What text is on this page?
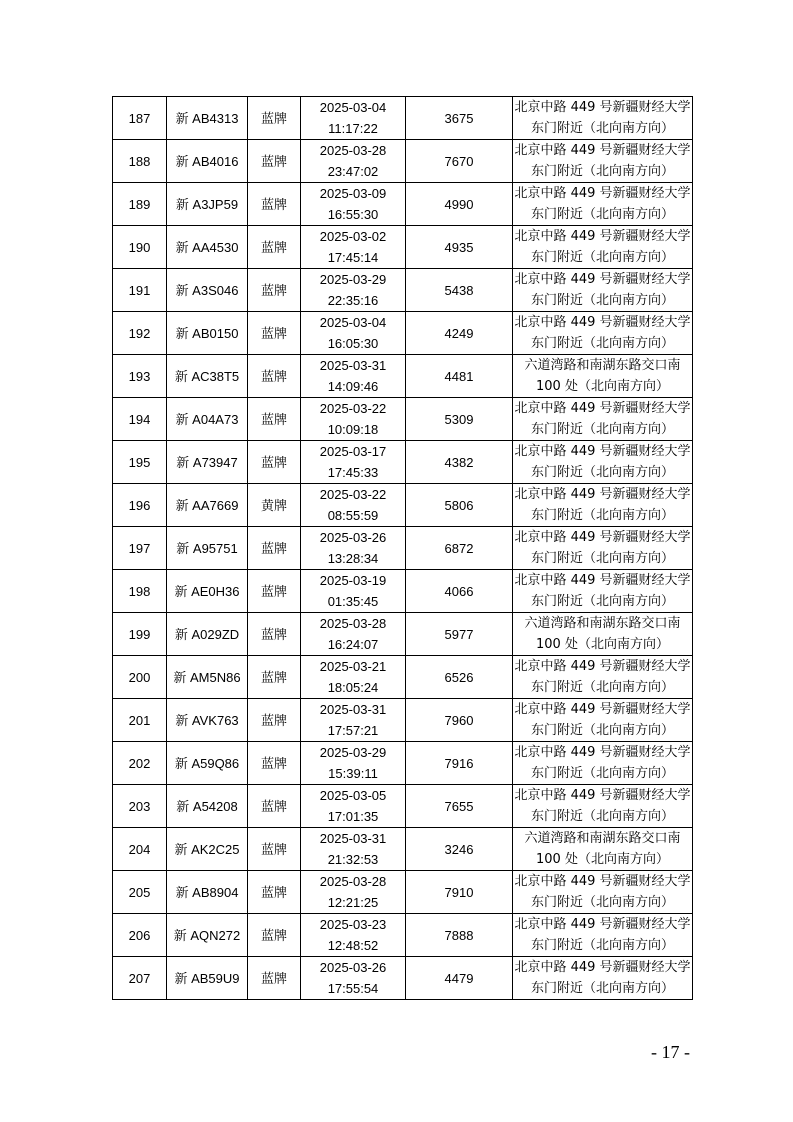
187	新 AB4313	蓝牌	2025-03-04
11:17:22	3675	北京中路 449 号新疆财经大学
东门附近（北向南方向）

188	新 AB4016	蓝牌	2025-03-28
23:47:02	7670	北京中路 449 号新疆财经大学
东门附近（北向南方向）

189	新 A3JP59	蓝牌	2025-03-09
16:55:30	4990	北京中路 449 号新疆财经大学
东门附近（北向南方向）

190	新 AA4530	蓝牌	2025-03-02
17:45:14	4935	北京中路 449 号新疆财经大学
东门附近（北向南方向）

191	新 A3S046	蓝牌	2025-03-29
22:35:16	5438	北京中路 449 号新疆财经大学
东门附近（北向南方向）

192	新 AB0150	蓝牌	2025-03-04
16:05:30	4249	北京中路 449 号新疆财经大学
东门附近（北向南方向）

193	新 AC38T5	蓝牌	2025-03-31
14:09:46	4481	六道湾路和南湖东路交口南
100 处（北向南方向）

194	新 A04A73	蓝牌	2025-03-22
10:09:18	5309	北京中路 449 号新疆财经大学
东门附近（北向南方向）

195	新 A73947	蓝牌	2025-03-17
17:45:33	4382	北京中路 449 号新疆财经大学
东门附近（北向南方向）

196	新 AA7669	黄牌	2025-03-22
08:55:59	5806	北京中路 449 号新疆财经大学
东门附近（北向南方向）

197	新 A95751	蓝牌	2025-03-26
13:28:34	6872	北京中路 449 号新疆财经大学
东门附近（北向南方向）

198	新 AE0H36	蓝牌	2025-03-19
01:35:45	4066	北京中路 449 号新疆财经大学
东门附近（北向南方向）

199	新 A029ZD	蓝牌	2025-03-28
16:24:07	5977	六道湾路和南湖东路交口南
100 处（北向南方向）

200	新 AM5N86	蓝牌	2025-03-21
18:05:24	6526	北京中路 449 号新疆财经大学
东门附近（北向南方向）

201	新 AVK763	蓝牌	2025-03-31
17:57:21	7960	北京中路 449 号新疆财经大学
东门附近（北向南方向）

202	新 A59Q86	蓝牌	2025-03-29
15:39:11	7916	北京中路 449 号新疆财经大学
东门附近（北向南方向）

203	新 A54208	蓝牌	2025-03-05
17:01:35	7655	北京中路 449 号新疆财经大学
东门附近（北向南方向）

204	新 AK2C25	蓝牌	2025-03-31
21:32:53	3246	六道湾路和南湖东路交口南
100 处（北向南方向）

205	新 AB8904	蓝牌	2025-03-28
12:21:25	7910	北京中路 449 号新疆财经大学
东门附近（北向南方向）

206	新 AQN272	蓝牌	2025-03-23
12:48:52	7888	北京中路 449 号新疆财经大学
东门附近（北向南方向）

207	新 AB59U9	蓝牌	2025-03-26
17:55:54	4479	北京中路 449 号新疆财经大学
东门附近（北向南方向）
- 17 -
